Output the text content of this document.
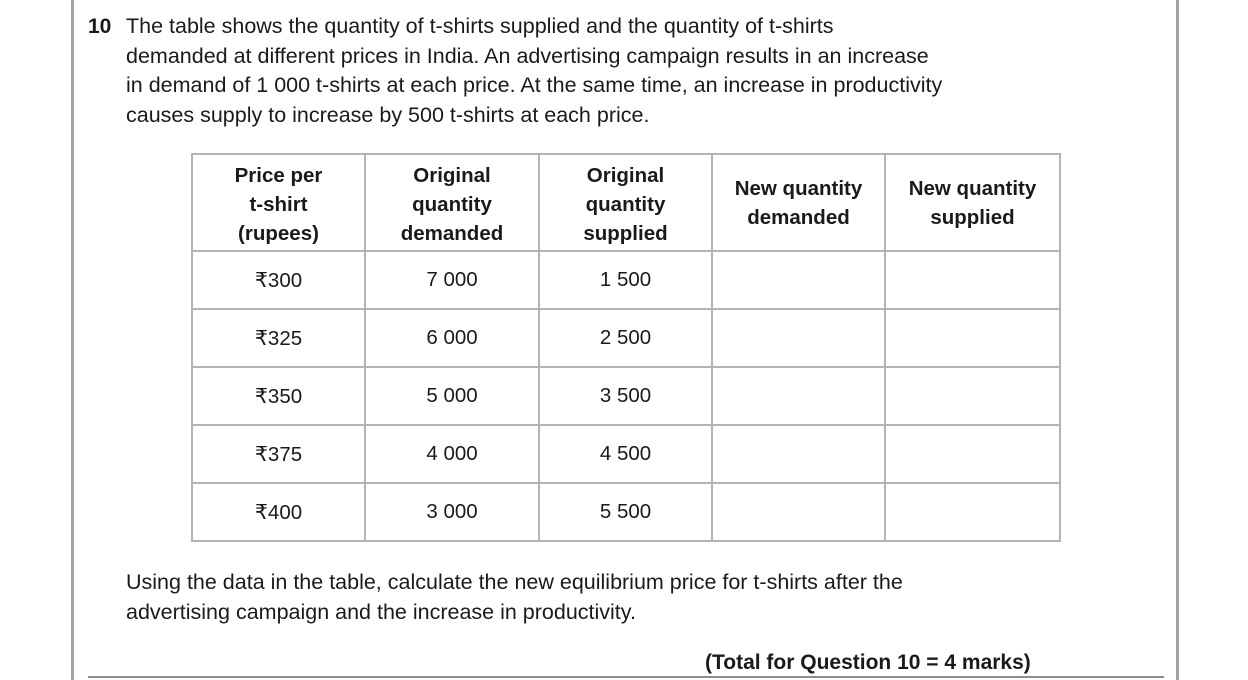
10 The table shows the quantity of t-shirts supplied and the quantity of t-shirts
demanded at different prices in India. An advertising campaign results in an increase
in demand of 1 000 t-shirts at each price. At the same time, an increase in productivity
causes supply to increase by 500 t-shirts at each price.
Price per
t-shirt
(rupees)	Original
quantity
demanded	Original
quantity
supplied	New quantity
demanded	New quantity
supplied

₹300	7 000	1 500		
₹325	6 000	2 500		
₹350	5 000	3 500		
₹375	4 000	4 500		
₹400	3 000	5 500		
Using the data in the table, calculate the new equilibrium price for t-shirts after the
advertising campaign and the increase in productivity.
(Total for Question 10 = 4 marks)
